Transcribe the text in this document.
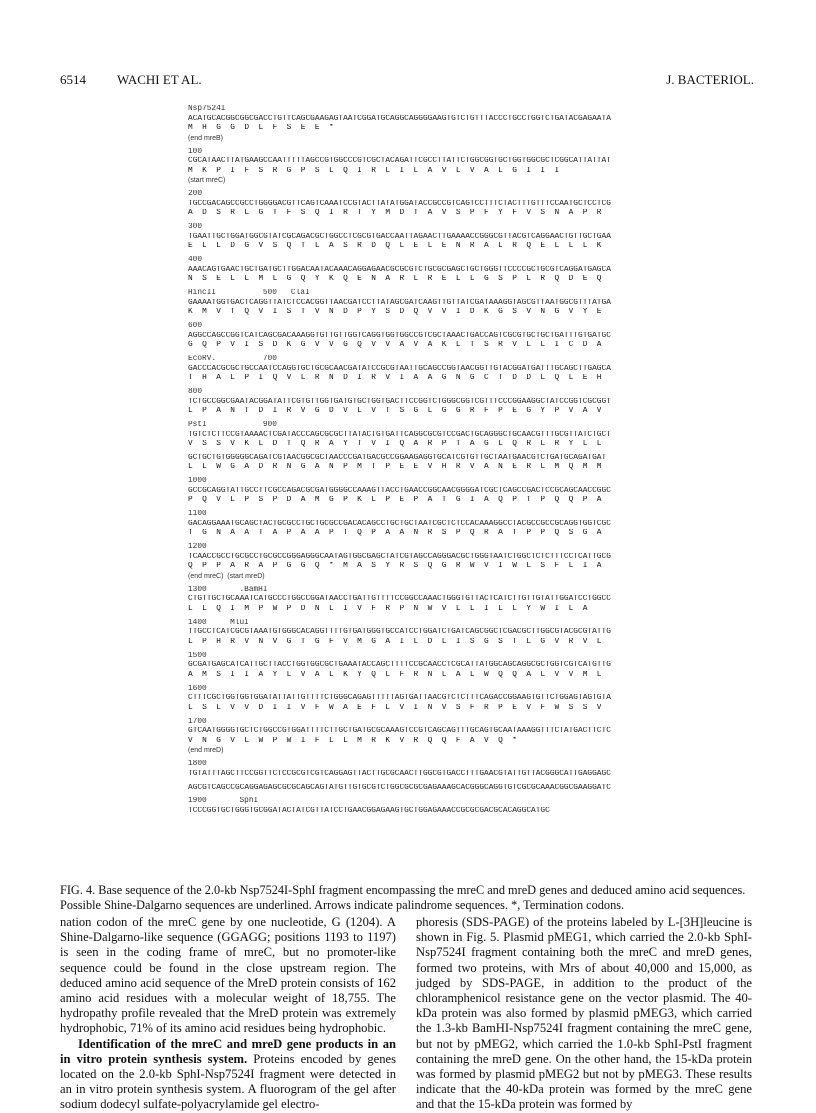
6514 WACHI ET AL.	J. BACTERIOL.
Nsp7524I
ACATGCACGGCGGCGACCTGTTCAGCGAAGAGTAATCGGATGCAGGCAGGGGAAGTGTCTGTTTACCCTGCCTGGTCTGATACGAGAATA
M  H  G  G  D  L  F  S  E  E  *
(end mreB)
100
CGCATAACTTATGAAGCCAATTTTTAGCCGTGGCCCGTCGCTACAGATTCGCCTTATTCTGGCGGTGCTGGTGGCGCTCGGCATTATTAT
M  K  P  I  F  S  R  G  P  S  L  Q  I  R  L  I  L  A  V  L  V  A  L  G  I  I  I
(start mreC)
200
TGCCGACAGCCGCCTGGGGACGTTCAGTCAAATCCGTACTTATATGGATACCGCCGTCAGTCCTTTCTACTTTGTTTCCAATGCTCCTCG
A  D  S  R  L  G  T  F  S  Q  I  R  T  Y  M  D  T  A  V  S  P  F  Y  F  V  S  N  A  P  R
300
TGAATTGCTGGATGGCGTATCGCAGACGCTGGCCTCGCGTGACCAATTAGAACTTGAAAACCGGGCGTTACGTCAGGAACTGTTGCTGAA
E  L  L  D  G  V  S  Q  T  L  A  S  R  D  Q  L  E  L  E  N  R  A  L  R  Q  E  L  L  L  K
400
AAACAGTGAACTGCTGATGCTTGGACAATACAAACAGGAGAACGCGCGTCTGCGCGAGCTGCTGGGTTCCCCGCTGCGTCAGGATGAGCA
N  S  E  L  L  M  L  G  Q  Y  K  Q  E  N  A  R  L  R  E  L  L  G  S  P  L  R  Q  D  E  Q
HincII          500   ClaI
GAAAATGGTGACTCAGGTTATCTCCACGGTTAACGATCCTTATAGCGATCAAGTTGTTATCGATAAAGGTAGCGTTAATGGCGTTTATGA
K  M  V  T  Q  V  I  S  T  V  N  D  P  Y  S  D  Q  V  V  I  D  K  G  S  V  N  G  V  Y  E
600
AGGCCAGCCGGTCATCAGCGACAAAGGTGTTGTTGGTCAGGTGGTGGCCGTCGCTAAACTGACCAGTCGCGTGCTGCTGATTTGTGATGC
G  Q  P  V  I  S  D  K  G  V  V  G  Q  V  V  A  V  A  K  L  T  S  R  V  L  L  I  C  D  A
EcoRV.          700
GACCCACGCGCTGCCAATCCAGGTGCTGCGCAACGATATCCGCGTAATTGCAGCCGGTAACGGTTGTACGGATGATTTGCAGCTTGAGCA
T  H  A  L  P  I  Q  V  L  R  N  D  I  R  V  I  A  A  G  N  G  C  T  D  D  L  Q  L  E  H
800
TCTGCCGGCGAATACGGATATTCGTGTTGGTGATGTGCTGGTGACTTCCGGTCTGGGCGGTCGTTTCCCGGAAGGCTATCCGGTCGCGGT
L  P  A  N  T  D  I  R  V  G  D  V  L  V  T  S  G  L  G  G  R  F  P  E  G  Y  P  V  A  V
PstI            900
TGTCTCTTCCGTAAAACTCGATACCCAGCGCGCTTATACTGTGATTCAGGCGCGTCCGACTGCAGGGCTGCAACGTTTGCGTTATCTGCT
V  S  S  V  K  L  D  T  Q  R  A  Y  T  V  I  Q  A  R  P  T  A  G  L  Q  R  L  R  Y  L  L
GCTGCTGTGGGGGCAGATCGTAACGGCGCTAACCCGATGACGCCGGAAGAGGTGCATCGTGTTGCTAATGAACGTCTGATGCAGATGAT
L  L  W  G  A  D  R  N  G  A  N  P  M  T  P  E  E  V  H  R  V  A  N  E  R  L  M  Q  M  M
1000
GCCGCAGGTATTGCCTTCGCCAGACGCGATGGGGCCAAAGTTACCTGAACCGGCAACGGGGATCGCTCAGCCGACTCCGCAGCAACCGGC
P  Q  V  L  P  S  P  D  A  M  G  P  K  L  P  E  P  A  T  G  I  A  Q  P  T  P  Q  Q  P  A
1100
GACAGGAAATGCAGCTACTGCGCCTGCTGCGCCGACACAGCCTGCTGCTAATCGCTCTCCACAAAGGCCTACGCCGCCGCAGGTGGTCGC
T  G  N  A  A  T  A  P  A  A  P  T  Q  P  A  A  N  R  S  P  Q  R  A  T  P  P  Q  S  G  A
1200
TCAACCGCCTGCGCCTGCGCCGGGAGGGCAATAGTGGCGAGCTATCGTAGCCAGGGACGCTGGGTAATCTGGCTCTCTTTCCTCATTGCG
Q  P  P  A  R  A  P  G  G  Q  *  M  A  S  Y  R  S  Q  G  R  W  V  I  W  L  S  F  L  I  A
(end mreC)  (start mreD)
1300       .BamHI
CTGTTGCTGCAAATCATGCCCTGGCCGGATAACCTGATTGTTTTCCGGCCAAACTGGGTGTTACTCATCTTGTTGTATTGGATCCTGGCC
L  L  Q  I  M  P  W  P  D  N  L  I  V  F  R  P  N  W  V  L  L  I  L  L  Y  W  I  L  A
1400     MluI
TTGCCTCATCGCGTAAATGTGGGCACAGGTTTTGTGATGGGTGCCATCCTGGATCTGATCAGCGGCTCGACGCTTGGCGTACGCGTATTG
L  P  H  R  V  N  V  G  T  G  F  V  M  G  A  I  L  D  L  I  S  G  S  T  L  G  V  R  V  L
1500
GCGATGAGCATCATTGCTTACCTGGTGGCGCTGAAATACCAGCTTTTCCGCAACCTCGCATTATGGCAGCAGGCGCTGGTCGTCATGTTG
A  M  S  I  I  A  Y  L  V  A  L  K  Y  Q  L  F  R  N  L  A  L  W  Q  Q  A  L  V  V  M  L
1600
CTTTCGCTGGTGGTGGATATTATTGTTTTCTGGGCAGAGTTTTTAGTGATTAACGTCTCTTTCAGACCGGAAGTGTTCTGGAGTAGTGTA
L  S  L  V  V  D  I  I  V  F  W  A  E  F  L  V  I  N  V  S  F  R  P  E  V  F  W  S  S  V
1700
GTCAATGGGGTGCTCTGGCCGTGGATTTTCTTGCTGATGCGCAAAGTCCGTCAGCAGTTTGCAGTGCAATAAAGGTTTCTATGACTTCTC
V  N  G  V  L  W  P  W  I  F  L  L  M  R  K  V  R  Q  Q  F  A  V  Q  *
(end mreD)
1800
TGTATTTAGCTTCCGGTTCTCCGCGTCGTCAGGAGTTACTTGCGCAACTTGGCGTGACCTTTGAACGTATTGTTACGGGCATTGAGGAGC
AGCGTCAGCCGCAGGAGAGCGCGCAGCAGTATGTTGTGCGTCTGGCGCGCGAGAAAGCACGGGCAGGTGTCGCGCAAACGGCGAAGGATC
1900       SphI
TCCCGGTGCTGGGTGCGGATACTATCGTTATCCTGAACGGAGAAGTGCTGGAGAAACCGCGCGACGCACAGGCATGC
FIG. 4. Base sequence of the 2.0-kb Nsp7524I-SphI fragment encompassing the mreC and mreD genes and deduced amino acid sequences. Possible Shine-Dalgarno sequences are underlined. Arrows indicate palindrome sequences. *, Termination codons.

nation codon of the mreC gene by one nucleotide, G (1204). A Shine-Dalgarno-like sequence (GGAGG; positions 1193 to 1197) is seen in the coding frame of mreC, but no promoter-like sequence could be found in the close upstream region. The deduced amino acid sequence of the MreD protein consists of 162 amino acid residues with a molecular weight of 18,755. The hydropathy profile revealed that the MreD protein was extremely hydrophobic, 71% of its amino acid residues being hydrophobic.

Identification of the mreC and mreD gene products in an in vitro protein synthesis system. Proteins encoded by genes located on the 2.0-kb SphI-Nsp7524I fragment were detected in an in vitro protein synthesis system. A fluorogram of the gel after sodium dodecyl sulfate-polyacrylamide gel electro-

phoresis (SDS-PAGE) of the proteins labeled by L-[3H]leucine is shown in Fig. 5. Plasmid pMEG1, which carried the 2.0-kb SphI-Nsp7524I fragment containing both the mreC and mreD genes, formed two proteins, with Mrs of about 40,000 and 15,000, as judged by SDS-PAGE, in addition to the product of the chloramphenicol resistance gene on the vector plasmid. The 40-kDa protein was also formed by plasmid pMEG3, which carried the 1.3-kb BamHI-Nsp7524I fragment containing the mreC gene, but not by pMEG2, which carried the 1.0-kb SphI-PstI fragment containing the mreD gene. On the other hand, the 15-kDa protein was formed by plasmid pMEG2 but not by pMEG3. These results indicate that the 40-kDa protein was formed by the mreC gene and that the 15-kDa protein was formed by
